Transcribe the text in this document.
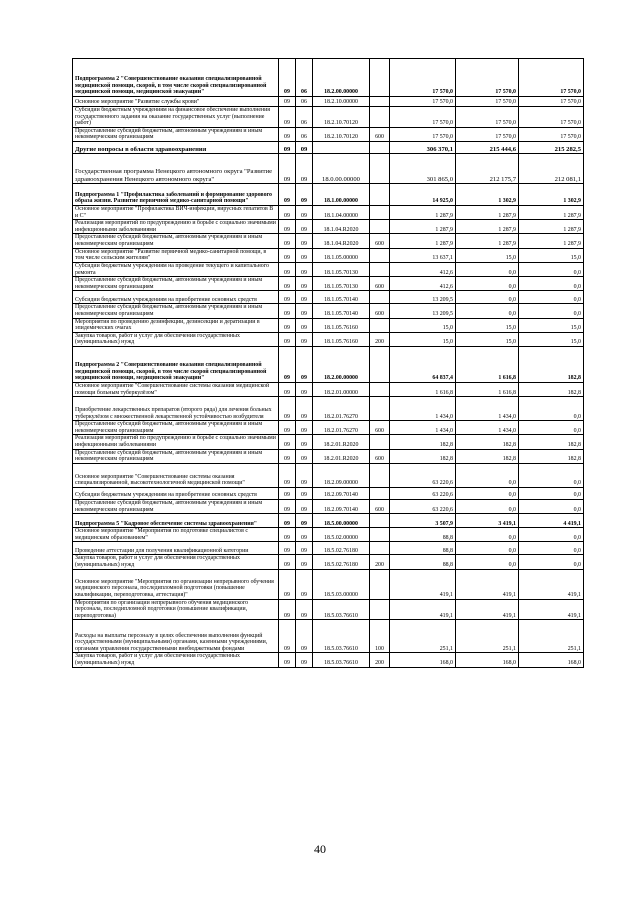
Подпрограмма 2 "Совершенствование оказания специализированной медицинской помощи, скорой, в том числе скорой специализированной медицинской помощи, медицинской эвакуации"	09	06	18.2.00.00000		17 570,0	17 570,0	17 570,0
Основное мероприятие "Развитие службы крови"	09	06	18.2.10.00000		17 570,0	17 570,0	17 570,0
Субсидии бюджетным учреждениям на финансовое обеспечение выполнения государственного задания на оказание государственных услуг (выполнение работ)	09	06	18.2.10.70120		17 570,0	17 570,0	17 570,0
Предоставление субсидий бюджетным, автономным учреждениям и иным некоммерческим организациям	09	06	18.2.10.70120	600	17 570,0	17 570,0	17 570,0
Другие вопросы в области здравоохранения	09	09			306 370,1	215 444,6	215 282,5
Государственная программа Ненецкого автономного округа "Развитие здравоохранения Ненецкого автономного округа"	09	09	18.0.00.00000		301 865,0	212 175,7	212 081,1
Подпрограмма 1 "Профилактика заболеваний и формирование здорового образа жизни. Развитие первичной медико-санитарной помощи"	09	09	18.1.00.00000		14 925,0	1 302,9	1 302,9
Основное мероприятие "Профилактика ВИЧ-инфекции, вирусных гепатитов В и С"	09	09	18.1.04.00000		1 287,9	1 287,9	1 287,9
Реализация мероприятий по предупреждению и борьбе с социально значимыми инфекционными заболеваниями	09	09	18.1.04.R2020		1 287,9	1 287,9	1 287,9
Предоставление субсидий бюджетным, автономным учреждениям и иным некоммерческим организациям	09	09	18.1.04.R2020	600	1 287,9	1 287,9	1 287,9
Основное мероприятие "Развитие первичной медико-санитарной помощи, в том числе сельским жителям"	09	09	18.1.05.00000		13 637,1	15,0	15,0
Субсидии бюджетным учреждениям на проведение текущего и капитального ремонта	09	09	18.1.05.70130		412,6	0,0	0,0
Предоставление субсидий бюджетным, автономным учреждениям и иным некоммерческим организациям	09	09	18.1.05.70130	600	412,6	0,0	0,0
Субсидии бюджетным учреждениям на приобретение основных средств	09	09	18.1.05.70140		13 209,5	0,0	0,0
Предоставление субсидий бюджетным, автономным учреждениям и иным некоммерческим организациям	09	09	18.1.05.70140	600	13 209,5	0,0	0,0
Мероприятия по проведению дезинфекции, дезинсекции и дератизации в эпидемических очагах	09	09	18.1.05.76160		15,0	15,0	15,0
Закупка товаров, работ и услуг для обеспечения государственных (муниципальных) нужд	09	09	18.1.05.76160	200	15,0	15,0	15,0
Подпрограмма 2 "Совершенствование оказания специализированной медицинской помощи, скорой, в том числе скорой специализированной медицинской помощи, медицинской эвакуации"	09	09	18.2.00.00000		64 837,4	1 616,8	182,8
Основное мероприятие "Совершенствование системы оказания медицинской помощи больным туберкулёзом"	09	09	18.2.01.00000		1 616,8	1 616,8	182,8
Приобретение лекарственных препаратов (второго ряда) для лечения больных туберкулёзом с множественной лекарственной устойчивостью возбудителя	09	09	18.2.01.76270		1 434,0	1 434,0	0,0
Предоставление субсидий бюджетным, автономным учреждениям и иным некоммерческим организациям	09	09	18.2.01.76270	600	1 434,0	1 434,0	0,0
Реализация мероприятий по предупреждению и борьбе с социально значимыми инфекционными заболеваниями	09	09	18.2.01.R2020		182,8	182,8	182,8
Предоставление субсидий бюджетным, автономным учреждениям и иным некоммерческим организациям	09	09	18.2.01.R2020	600	182,8	182,8	182,8
Основное мероприятие "Совершенствование системы оказания специализированной, высокотехнологичной медицинской помощи"	09	09	18.2.09.00000		63 220,6	0,0	0,0
Субсидии бюджетным учреждениям на приобретение основных средств	09	09	18.2.09.70140		63 220,6	0,0	0,0
Предоставление субсидий бюджетным, автономным учреждениям и иным некоммерческим организациям	09	09	18.2.09.70140	600	63 220,6	0,0	0,0
Подпрограмма 5 "Кадровое обеспечение системы здравоохранения"	09	09	18.5.00.00000		3 507,9	3 419,1	4 419,1
Основное мероприятие "Мероприятия по подготовке специалистов с медицинским образованием"	09	09	18.5.02.00000		88,8	0,0	0,0
Проведение аттестации для получения квалификационной категории	09	09	18.5.02.76180		88,8	0,0	0,0
Закупка товаров, работ и услуг для обеспечения государственных (муниципальных) нужд	09	09	18.5.02.76180	200	88,8	0,0	0,0
Основное мероприятие "Мероприятия по организации непрерывного обучения медицинского персонала, последипломной подготовки (повышение квалификации, переподготовка, аттестация)"	09	09	18.5.03.00000		419,1	419,1	419,1
Мероприятия по организации непрерывного обучения медицинского персонала, последипломной подготовки (повышение квалификации, переподготовка)	09	09	18.5.03.76610		419,1	419,1	419,1
Расходы на выплаты персоналу в целях обеспечения выполнения функций государственными (муниципальными) органами, казенными учреждениями, органами управления государственными внебюджетными фондами	09	09	18.5.03.76610	100	251,1	251,1	251,1
Закупка товаров, работ и услуг для обеспечения государственных (муниципальных) нужд	09	09	18.5.03.76610	200	168,0	168,0	168,0
40
